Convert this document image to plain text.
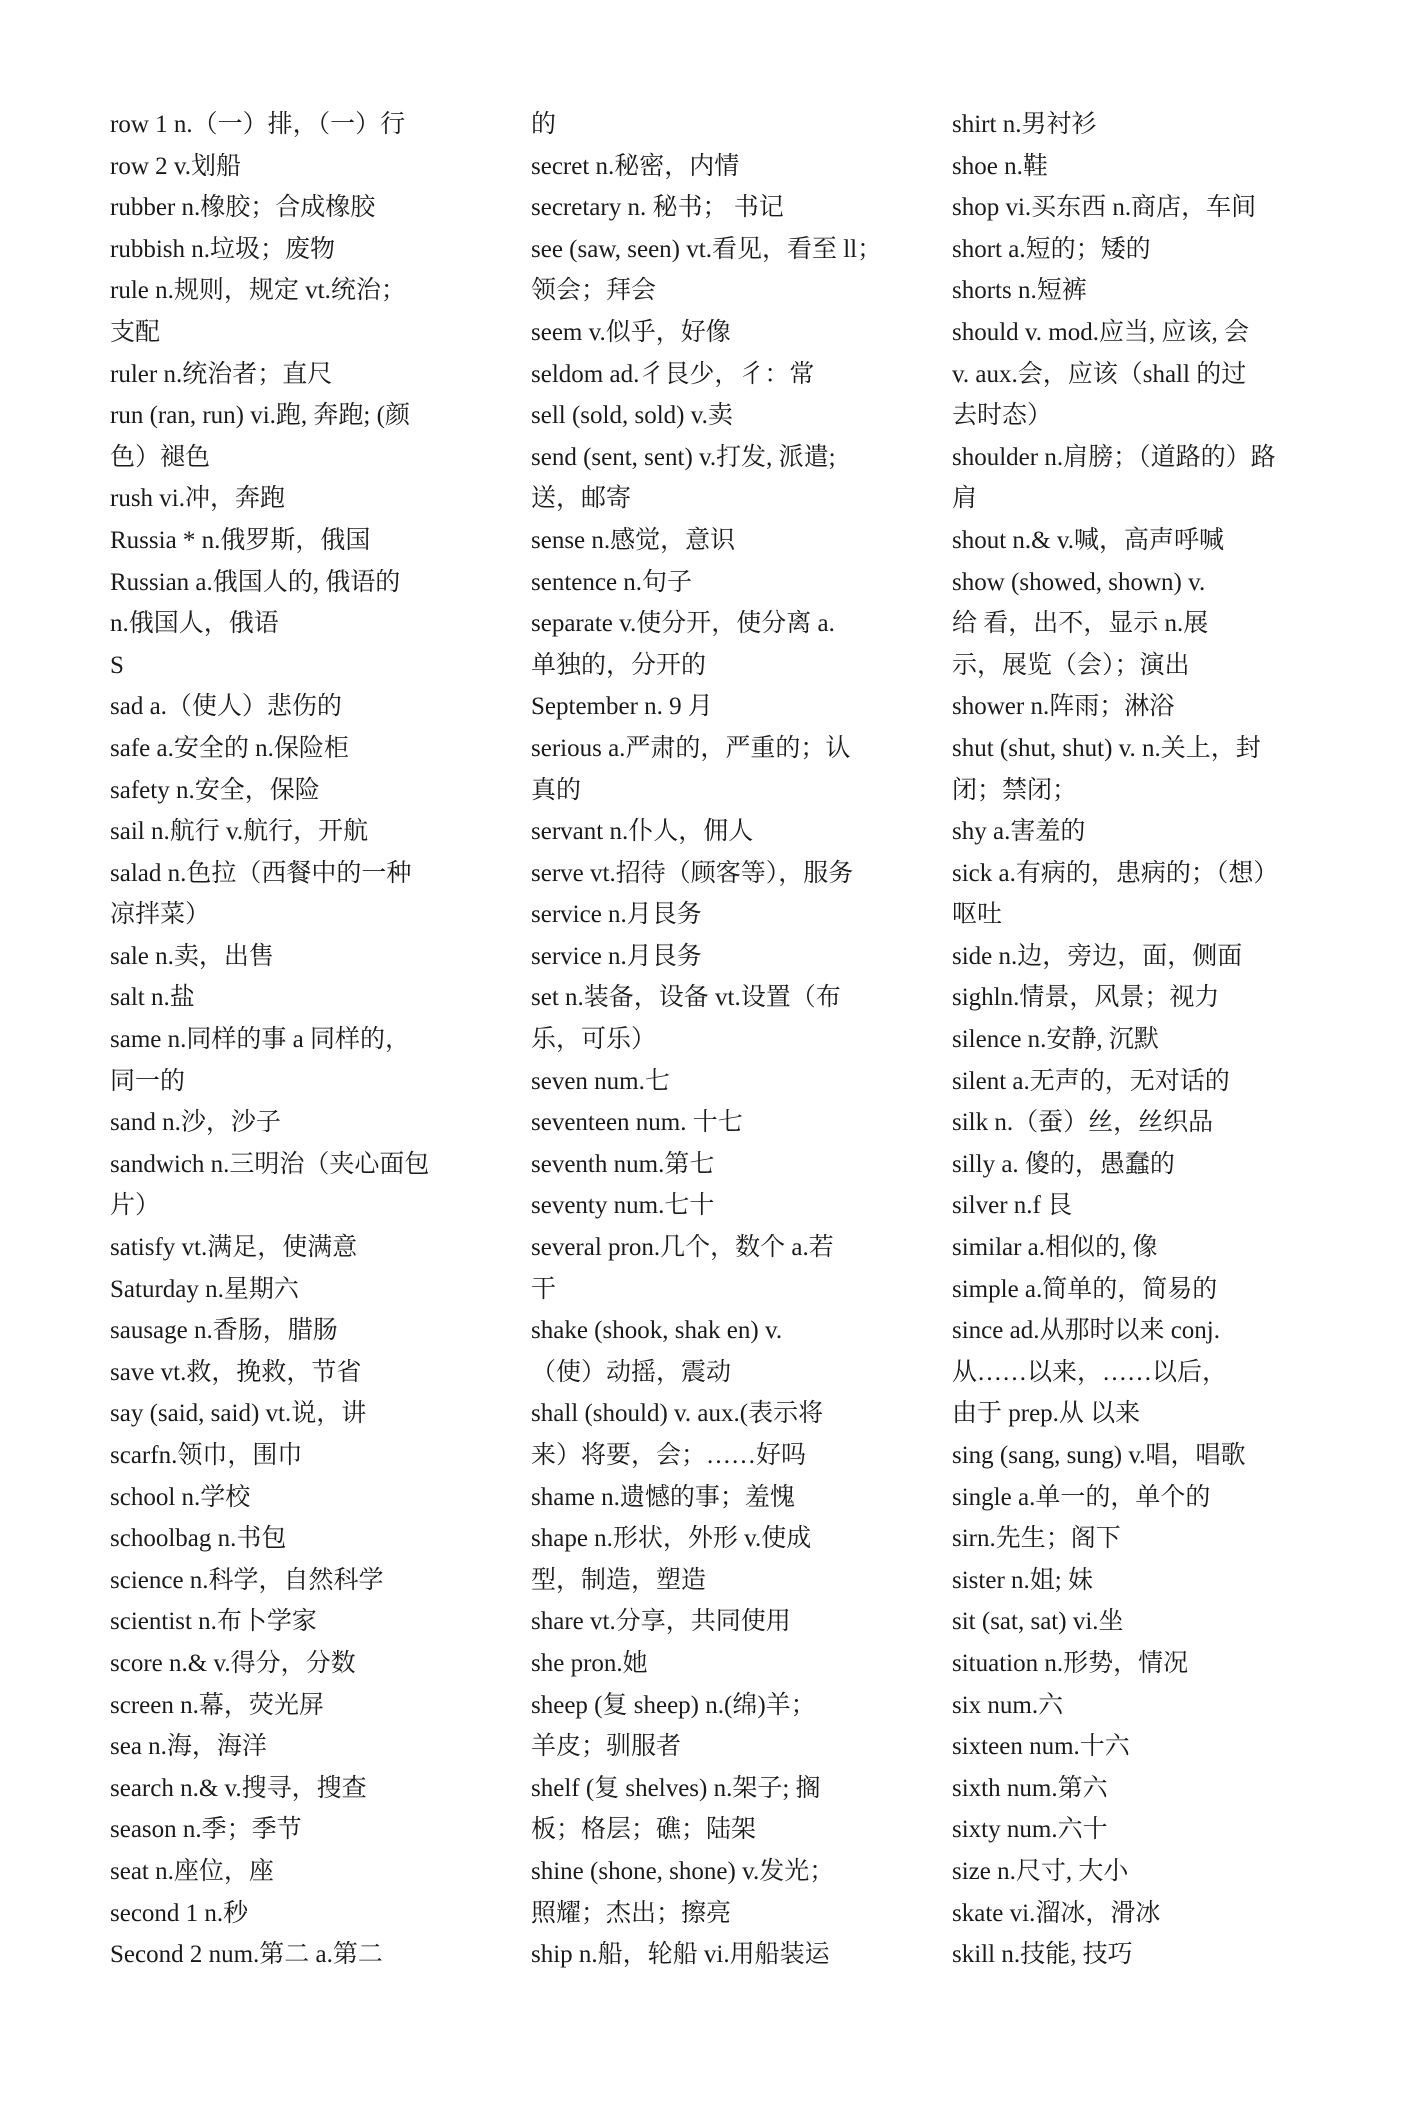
row 1 n.（一）排，（一）行
row 2 v.划船
rubber n.橡胶；合成橡胶
rubbish n.垃圾；废物
rule n.规则，规定 vt.统治；
支配
ruler n.统治者；直尺
run (ran, run) vi.跑, 奔跑; (颜
色）褪色
rush vi.冲，奔跑
Russia * n.俄罗斯，俄国
Russian a.俄国人的, 俄语的
n.俄国人，俄语
S
sad a.（使人）悲伤的
safe a.安全的 n.保险柜
safety n.安全，保险
sail n.航行 v.航行，开航
salad n.色拉（西餐中的一种
凉拌菜）
sale n.卖，出售
salt n.盐
same n.同样的事 a 同样的，
同一的
sand n.沙，沙子
sandwich n.三明治（夹心面包
片）
satisfy vt.满足，使满意
Saturday n.星期六
sausage n.香肠，腊肠
save vt.救，挽救，节省
say (said, said) vt.说，讲
scarfn.领巾，围巾
school n.学校
schoolbag n.书包
science n.科学，自然科学
scientist n.布卜学家
score n.& v.得分，分数
screen n.幕，荧光屏
sea n.海，海洋
search n.& v.搜寻，搜查
season n.季；季节
seat n.座位，座
second 1 n.秒
Second 2 num.第二 a.第二
的
secret n.秘密，内情
secretary n. 秘书； 书记
see (saw, seen) vt.看见，看至 ll；
领会；拜会
seem v.似乎，好像
seldom ad.彳艮少，彳：常
sell (sold, sold) v.卖
send (sent, sent) v.打发, 派遣;
送，邮寄
sense n.感觉，意识
sentence n.句子
separate v.使分开，使分离 a.
单独的，分开的
September n. 9 月
serious a.严肃的，严重的；认
真的
servant n.仆人，佣人
serve vt.招待（顾客等），服务
service n.月艮务
service n.月艮务
set n.装备，设备 vt.设置（布
乐，可乐）
seven num.七
seventeen num. 十七
seventh num.第七
seventy num.七十
several pron.几个，数个 a.若
干
shake (shook, shak en) v.
（使）动摇，震动
shall (should) v. aux.(表示将
来）将要，会；……好吗
shame n.遗憾的事；羞愧
shape n.形状，外形 v.使成
型，制造，塑造
share vt.分享，共同使用
she pron.她
sheep (复 sheep) n.(绵)羊；
羊皮；驯服者
shelf (复 shelves) n.架子; 搁
板；格层；礁；陆架
shine (shone, shone) v.发光；
照耀；杰出；擦亮
ship n.船，轮船 vi.用船装运
shirt n.男衬衫
shoe n.鞋
shop vi.买东西 n.商店，车间
short a.短的；矮的
shorts n.短裤
should v. mod.应当, 应该, 会
v. aux.会，应该（shall 的过
去时态）
shoulder n.肩膀；（道路的）路
肩
shout n.& v.喊，高声呼喊
show (showed, shown) v.
给 看，出不，显示 n.展
示，展览（会）；演出
shower n.阵雨；淋浴
shut (shut, shut) v. n.关上，封
闭；禁闭；
shy a.害羞的
sick a.有病的，患病的；（想）
呕吐
side n.边，旁边，面，侧面
sighln.情景，风景；视力
silence n.安静, 沉默
silent a.无声的，无对话的
silk n.（蚕）丝，丝织品
silly a. 傻的，愚蠢的
silver n.f 艮
similar a.相似的, 像
simple a.简单的，简易的
since ad.从那时以来 conj.
从……以来，……以后，
由于 prep.从 以来
sing (sang, sung) v.唱，唱歌
single a.单一的，单个的
sirn.先生；阁下
sister n.姐; 妹
sit (sat, sat) vi.坐
situation n.形势，情况
six num.六
sixteen num.十六
sixth num.第六
sixty num.六十
size n.尺寸, 大小
skate vi.溜冰，滑冰
skill n.技能, 技巧
